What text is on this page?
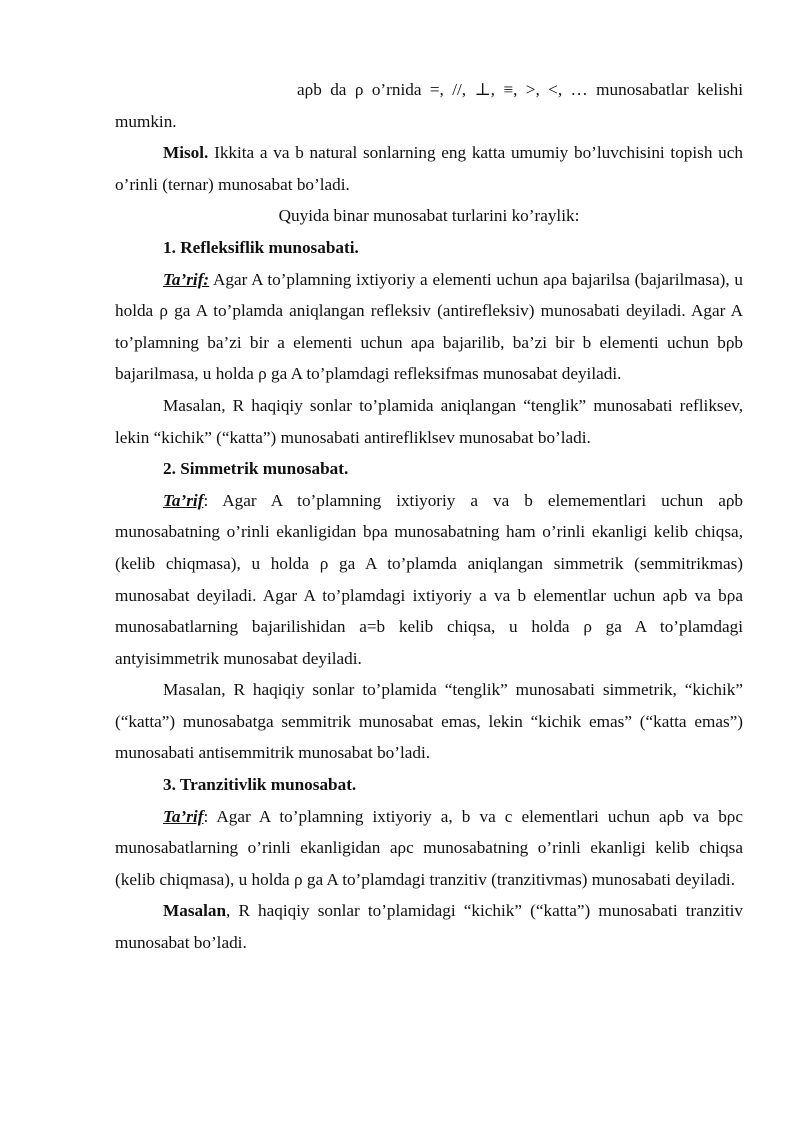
aρb da ρ o’rnida =, //, ⊥, ≡, >, <, … munosabatlar kelishi mumkin.

Misol. Ikkita a va b natural sonlarning eng katta umumiy bo’luvchisini topish uch o’rinli (ternar) munosabat bo’ladi.

Quyida binar munosabat turlarini ko’raylik:

1. Refleksiflik munosabati.

Ta’rif: Agar A to’plamning ixtiyoriy a elementi uchun aρa bajarilsa (bajarilmasa), u holda ρ ga A to’plamda aniqlangan refleksiv (antirefleksiv) munosabati deyiladi. Agar A to’plamning ba’zi bir a elementi uchun aρa bajarilib, ba’zi bir b elementi uchun bρb bajarilmasa, u holda ρ ga A to’plamdagi refleksifmas munosabat deyiladi.

Masalan, R haqiqiy sonlar to’plamida aniqlangan “tenglik” munosabati refliksev, lekin “kichik” (“katta”) munosabati antirefliklsev munosabat bo’ladi.

2. Simmetrik munosabat.

Ta’rif: Agar A to’plamning ixtiyoriy a va b elemementlari uchun aρb munosabatning o’rinli ekanligidan bρa munosabatning ham o’rinli ekanligi kelib chiqsa,(kelib chiqmasa), u holda ρ ga A to’plamda aniqlangan simmetrik (semmitrikmas) munosabat deyiladi. Agar A to’plamdagi ixtiyoriy a va b elementlar uchun aρb va bρa munosabatlarning bajarilishidan a=b kelib chiqsa, u holda ρ ga A to’plamdagi antyisimmetrik munosabat deyiladi.

Masalan, R haqiqiy sonlar to’plamida “tenglik” munosabati simmetrik, “kichik” (“katta”) munosabatga semmitrik munosabat emas, lekin “kichik emas” (“katta emas”) munosabati antisemmitrik munosabat bo’ladi.

3. Tranzitivlik munosabat.

Ta’rif: Agar A to’plamning ixtiyoriy a, b va c elementlari uchun aρb va bρc munosabatlarning o’rinli ekanligidan aρc munosabatning o’rinli ekanligi kelib chiqsa (kelib chiqmasa), u holda ρ ga A to’plamdagi tranzitiv (tranzitivmas) munosabati deyiladi.

Masalan, R haqiqiy sonlar to’plamidagi “kichik” (“katta”) munosabati tranzitiv munosabat bo’ladi.
